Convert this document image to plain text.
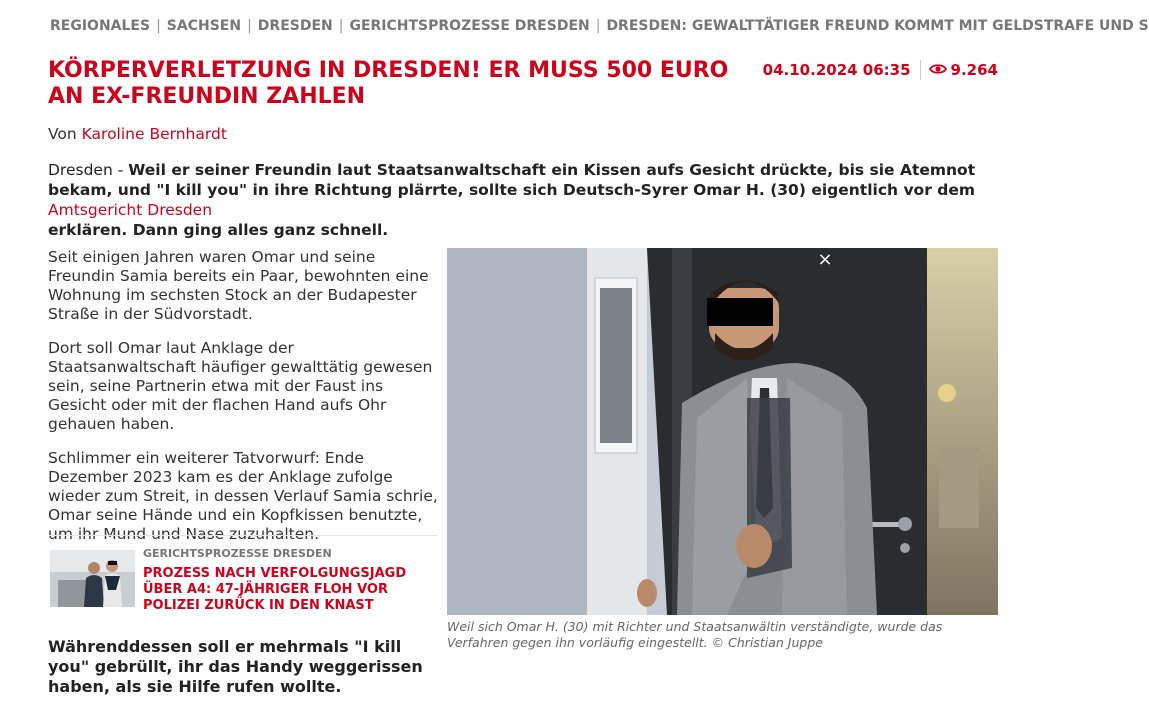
REGIONALES | SACHSEN | DRESDEN | GERICHTSPROZESSE DRESDEN | DRESDEN: GEWALTTÄTIGER FREUND KOMMT MIT GELDSTRAFE UND S
KÖRPERVERLETZUNG IN DRESDEN! ER MUSS 500 EURO AN EX-FREUNDIN ZAHLEN
04.10.2024 06:35	9.264
Von Karoline Bernhardt

Dresden - Weil er seiner Freundin laut Staatsanwaltschaft ein Kissen aufs Gesicht drückte, bis sie Atemnot bekam, und "I kill you" in ihre Richtung plärrte, sollte sich Deutsch-Syrer Omar H. (30) eigentlich vor dem Amtsgericht Dresden
erklären. Dann ging alles ganz schnell.

Seit einigen Jahren waren Omar und seine Freundin Samia bereits ein Paar, bewohnten eine Wohnung im sechsten Stock an der Budapester Straße in der Südvorstadt.

Dort soll Omar laut Anklage der Staatsanwaltschaft häufiger gewalttätig gewesen sein, seine Partnerin etwa mit der Faust ins Gesicht oder mit der flachen Hand aufs Ohr gehauen haben.

Schlimmer ein weiterer Tatvorwurf: Ende Dezember 2023 kam es der Anklage zufolge wieder zum Streit, in dessen Verlauf Samia schrie, Omar seine Hände und ein Kopfkissen benutzte, um ihr Mund und Nase zuzuhalten.

GERICHTSPROZESSE DRESDEN
PROZESS NACH VERFOLGUNGSJAGD ÜBER A4: 47-JÄHRIGER FLOH VOR POLIZEI ZURÜCK IN DEN KNAST

Währenddessen soll er mehrmals "I kill you" gebrüllt, ihr das Handy weggerissen haben, als sie Hilfe rufen wollte.

×

Weil sich Omar H. (30) mit Richter und Staatsanwältin verständigte, wurde das Verfahren gegen ihn vorläufig eingestellt. © Christian Juppe
